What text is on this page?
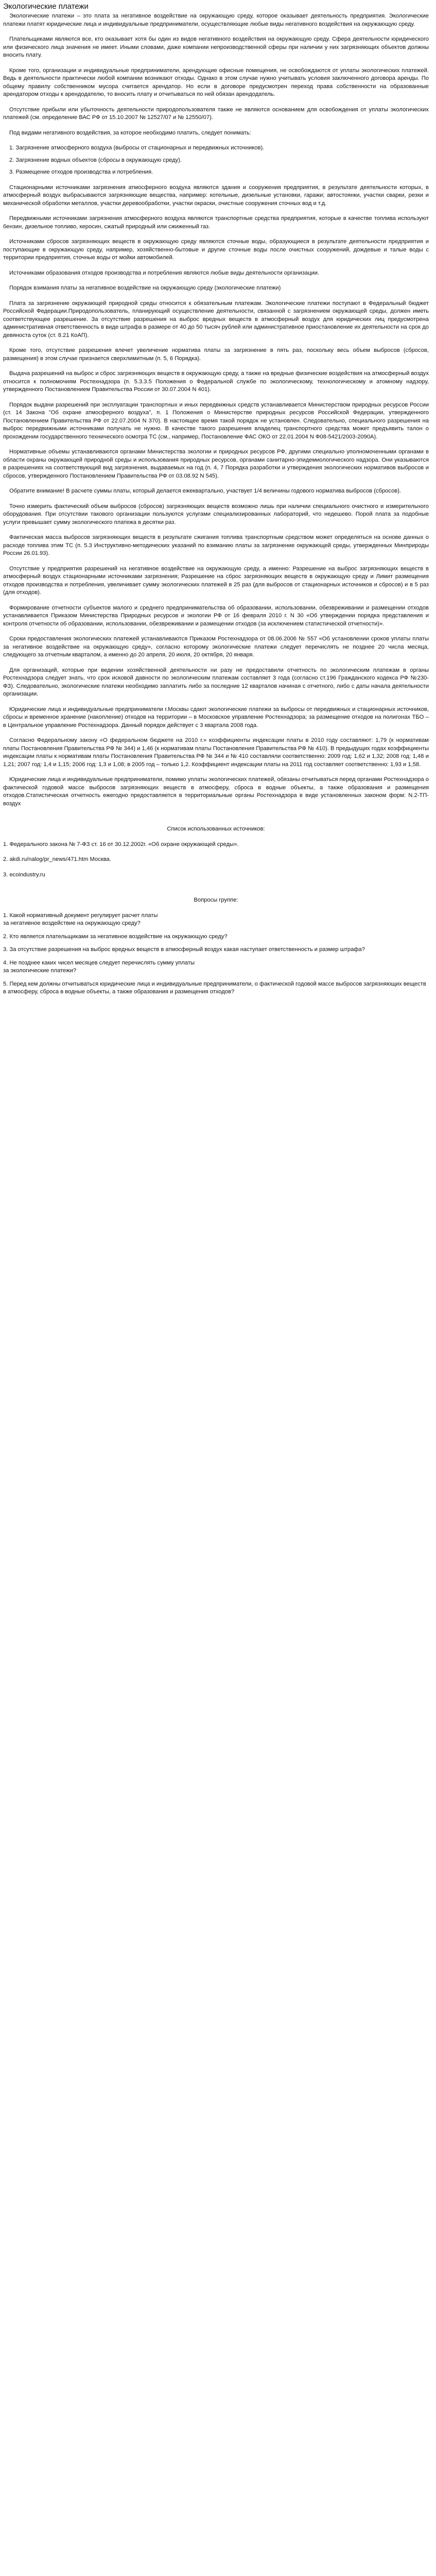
Экологические платежи

Экологические платежи – это плата за негативное воздействие на окружающую среду, которое оказывает деятельность предприятия. Экологические платежи платят юридические лица и индивидуальные предприниматели, осуществляющие любые виды негативного воздействия на окружающую среду.

Плательщиками являются все, кто оказывает хотя бы один из видов негативного воздействия на окружающую среду. Сфера деятельности юридического или физического лица значения не имеет. Иными словами, даже компании непроизводственной сферы при наличии у них загрязняющих объектов должны вносить плату.

Кроме того, организации и индивидуальные предприниматели, арендующие офисные помещения, не освобождаются от уплаты экологических платежей. Ведь в деятельности практически любой компании возникают отходы. Однако в этом случае нужно учитывать условия заключенного договора аренды. По общему правилу собственником мусора считается арендатор. Но если в договоре предусмотрен переход права собственности на образованные арендатором отходы к арендодателю, то вносить плату и отчитываться по ней обязан арендодатель.

Отсутствие прибыли или убыточность деятельности природопользователя также не являются основанием для освобождения от уплаты экологических платежей (см. определение ВАС РФ от 15.10.2007 № 12527/07 и № 12550/07).

Под видами негативного воздействия, за которое необходимо платить, следует понимать:

1. Загрязнение атмосферного воздуха (выбросы от стационарных и передвижных источников).

2. Загрязнение водных объектов (сбросы в окружающую среду).

3. Размещение отходов производства и потребления.

Стационарными источниками загрязнения атмосферного воздуха являются здания и сооружения предприятия, в результате деятельности которых, в атмосферный воздух выбрасываются загрязняющие вещества, например: котельные, дизельные установки, гаражи; автостоянки, участки сварки, резки и механической обработки металлов, участки деревообработки, участки окраски, очистные сооружения сточных вод и т.д.

Передвижными источниками загрязнения атмосферного воздуха являются транспортные средства предприятия, которые в качестве топлива используют бензин, дизельное топливо, керосин, сжатый природный или сжиженный газ.

Источниками сбросов загрязняющих веществ в окружающую среду являются сточные воды, образующиеся в результате деятельности предприятия и поступающие в окружающую среду, например, хозяйственно-бытовые и другие сточные воды после очистных сооружений, дождевые и талые воды с территории предприятия, сточные воды от мойки автомобилей.

Источниками образования отходов производства и потребления являются любые виды деятельности организации.

Порядок взимания платы за негативное воздействие на окружающую среду (экологические платежи)

Плата за загрязнение окружающей природной среды относится к обязательным платежам. Экологические платежи поступают в Федеральный бюджет Российской Федерации.Природопользователь, планирующий осуществление деятельности, связанной с загрязнением окружающей среды, должен иметь соответствующее разрешение. За отсутствие разрешения на выброс вредных веществ в атмосферный воздух для юридических лиц предусмотрена административная ответственность в виде штрафа в размере от 40 до 50 тысяч рублей или административное приостановление их деятельности на срок до девяноста суток (ст. 8.21 КоАП).

Кроме того, отсутствие разрешения влечет увеличение норматива платы за загрязнение в пять раз, поскольку весь объем выбросов (сбросов, размещения) в этом случае признается сверхлимитным (п. 5, 6 Порядка).

Выдача разрешений на выброс и сброс загрязняющих веществ в окружающую среду, а также на вредные физические воздействия на атмосферный воздух относится к полномочиям Ростехнадзора (п. 5.3.3.5 Положения о Федеральной службе по экологическому, технологическому и атомному надзору, утвержденного Постановлением Правительства России от 30.07.2004 N 401).

Порядок выдачи разрешений при эксплуатации транспортных и иных передвижных средств устанавливается Министерством природных ресурсов России (ст. 14 Закона "Об охране атмосферного воздуха", п. 1 Положения о Министерстве природных ресурсов Российской Федерации, утвержденного Постановлением Правительства РФ от 22.07.2004 N 370). В настоящее время такой порядок не установлен. Следовательно, специального разрешения на выброс передвижными источниками получать не нужно. В качестве такого разрешения владелец транспортного средства может предъявить талон о прохождении государственного технического осмотра ТС (см., например, Постановление ФАС ОКО от 22.01.2004 N Ф08-5421/2003-2090А).

Нормативные объемы устанавливаются органами Министерства экологии и природных ресурсов РФ, другими специально уполномоченными органами в области охраны окружающей природной среды и использования природных ресурсов, органами санитарно-эпидемиологического надзора. Они указываются в разрешениях на соответствующий вид загрязнения, выдаваемых на год (п. 4, 7 Порядка разработки и утверждения экологических нормативов выбросов и сбросов, утвержденного Постановлением Правительства РФ от 03.08.92 N 545).

Обратите внимание! В расчете суммы платы, который делается ежеквартально, участвует 1/4 величины годового норматива выбросов (сбросов).

Точно измерить фактический объем выбросов (сбросов) загрязняющих веществ возможно лишь при наличии специального очистного и измерительного оборудования. При отсутствии такового организации пользуются услугами специализированных лабораторий, что недешево. Порой плата за подобные услуги превышает сумму экологического платежа в десятки раз.

Фактическая масса выбросов загрязняющих веществ в результате сжигания топлива транспортным средством может определяться на основе данных о расходе топлива этим ТС (п. 5.3 Инструктивно-методических указаний по взиманию платы за загрязнение окружающей среды, утвержденных Минприроды России 26.01.93).

Отсутствие у предприятия разрешений на негативное воздействие на окружающую среду, а именно: Разрешение на выброс загрязняющих веществ в атмосферный воздух стационарными источниками загрязнения; Разрешение на сброс загрязняющих веществ в окружающую среду и Лимит размещения отходов производства и потребления, увеличивает сумму экологических платежей в 25 раз (для выбросов от стационарных источников и сбросов) и в 5 раз (для отходов).

Формирование отчетности субъектов малого и среднего предпринимательства об образовании, использовании, обезвреживании и размещении отходов устанавливается Приказом Министерства Природных ресурсов и экологии РФ от 16 февраля 2010 г. N 30 «Об утверждении порядка представления и контроля отчетности об образовании, использовании, обезвреживании и размещении отходов (за исключением статистической отчетности)».

Сроки предоставления экологических платежей устанавливаются Приказом Ростехнадзора от 08.06.2006 № 557 «Об установлении сроков уплаты платы за негативное воздействие на окружающую среду», согласно которому экологические платежи следует перечислять не позднее 20 числа месяца, следующего за отчетным кварталом, а именно до 20 апреля, 20 июля, 20 октября, 20 января.

Для организаций, которые при ведении хозяйственной деятельности ни разу не предоставили отчетность по экологическим платежам в органы Ростехнадзора следует знать, что срок исковой давности по экологическим платежам составляет 3 года (согласно ст.196 Гражданского кодекса РФ №230-ФЗ). Следовательно, экологические платежи необходимо заплатить либо за последние 12 кварталов начиная с отчетного, либо с даты начала деятельности организации.

Юридические лица и индивидуальные предприниматели г.Москвы сдают экологические платежи за выбросы от передвижных и стационарных источников, сбросы и временное хранение (накопление) отходов на территории – в Московское управление Ростехнадзора; за размещение отходов на полигонах ТБО – в Центральное управление Ростехнадзора. Данный порядок действует с 3 квартала 2008 года.

Согласно Федеральному закону «О федеральном бюджете на 2010 г.» коэффициенты индексации платы в 2010 году составляют: 1,79 (к нормативам платы Постановления Правительства РФ № 344) и 1,46 (к нормативам платы Постановления Правительства РФ № 410). В предыдущих годах коэффициенты индексации платы к нормативам платы Постановления Правительства РФ № 344 и № 410 составляли соответственно: 2009 год: 1,62 и 1,32; 2008 год: 1,48 и 1,21; 2007 год: 1,4 и 1,15; 2006 год: 1,3 и 1,08; в 2005 год – только 1,2. Коэффициент индексации платы на 2011 год составляет соответственно: 1,93 и 1,58.

Юридические лица и индивидуальные предприниматели, помимо уплаты экологических платежей, обязаны отчитываться перед органами Ростехнадзора о фактической годовой массе выбросов загрязняющих веществ в атмосферу, сброса в водные объекты, а также образования и размещения отходов.Статистическая отчетность ежегодно предоставляется в территориальные органы Ростехнадзора в виде установленных законом форм: N.2-ТП-воздух

Список использованных источников:

1. Федерального закона № 7-ФЗ ст. 16 от 30.12.2002г. «Об охране окружающей среды».

2. akdi.ru/nalog/pr_news/471.htm Москва.

3. ecoindustry.ru

Вопросы группе:

1. Какой нормативный документ регулирует расчет платы
за негативное воздействие на окружающую среду?

2. Кто является плательщиками за негативное воздействие на окружающую среду?

3. За отсутствие разрешения на выброс вредных веществ в атмосферный воздух какая наступает ответственность и размер штрафа?

4. Не позднее каких чисел месяцев следует перечислять сумму уплаты
за экологические платежи?

5. Перед кем должны отчитываться юридические лица и индивидуальные предприниматели, о фактической годовой массе выбросов загрязняющих веществ в атмосферу, сброса в водные объекты, а также образования и размещения отходов?
